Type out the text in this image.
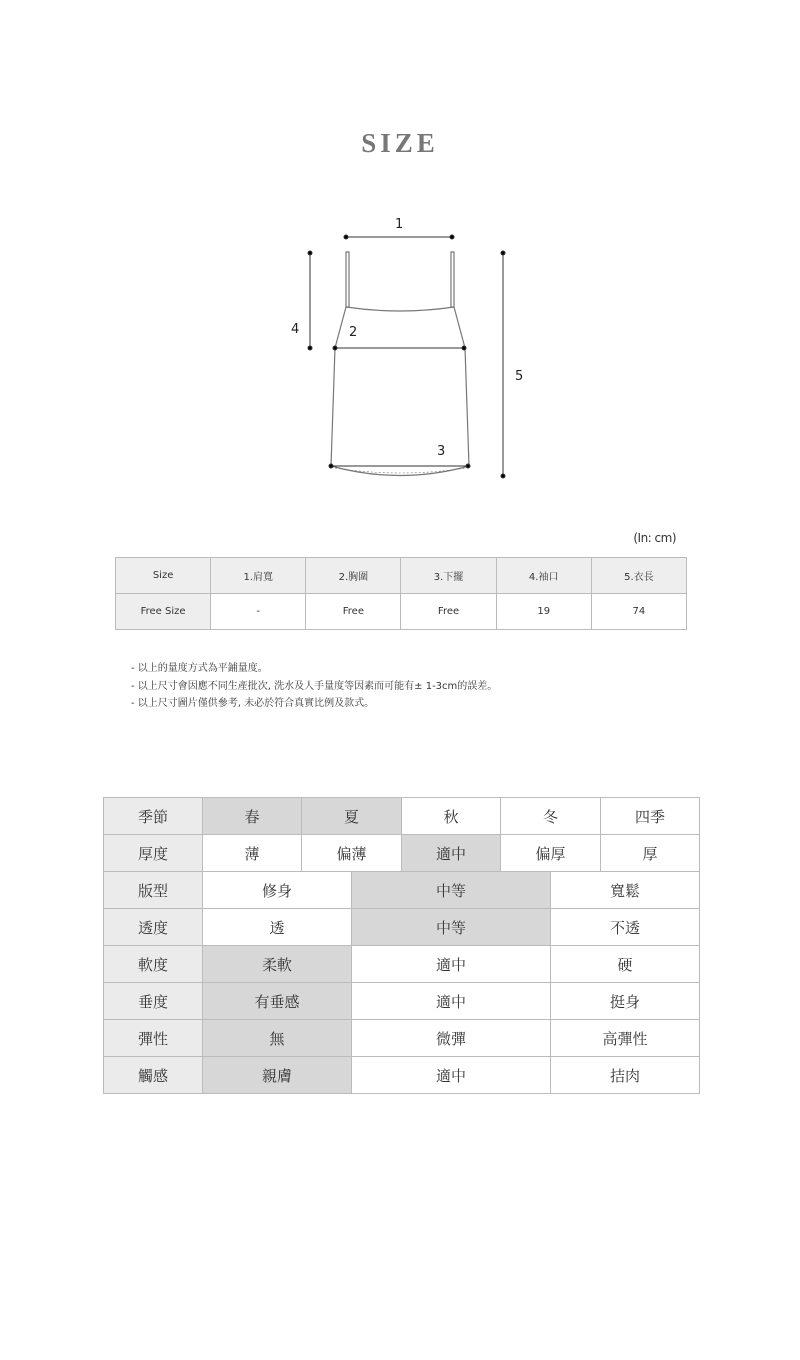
SIZE
1
2
3
4
5
(In: cm)
Size	1.肩寬	2.胸圍	3.下擺	4.袖口	5.衣長
Free Size	-	Free	Free	19	74
- 以上的量度方式為平鋪量度。
- 以上尺寸會因應不同生產批次, 洗水及人手量度等因素而可能有± 1-3cm的誤差。
- 以上尺寸圖片僅供參考, 未必於符合真實比例及款式。
季節	春	夏		秋	冬		四季
厚度	薄	偏薄		適中	偏厚		厚
版型	修身		中等			寬鬆	
透度	透		中等			不透	
軟度	柔軟		適中			硬	
垂度	有垂感		適中			挺身	
彈性	無		微彈			高彈性	
觸感	親膚		適中			拮肉	
